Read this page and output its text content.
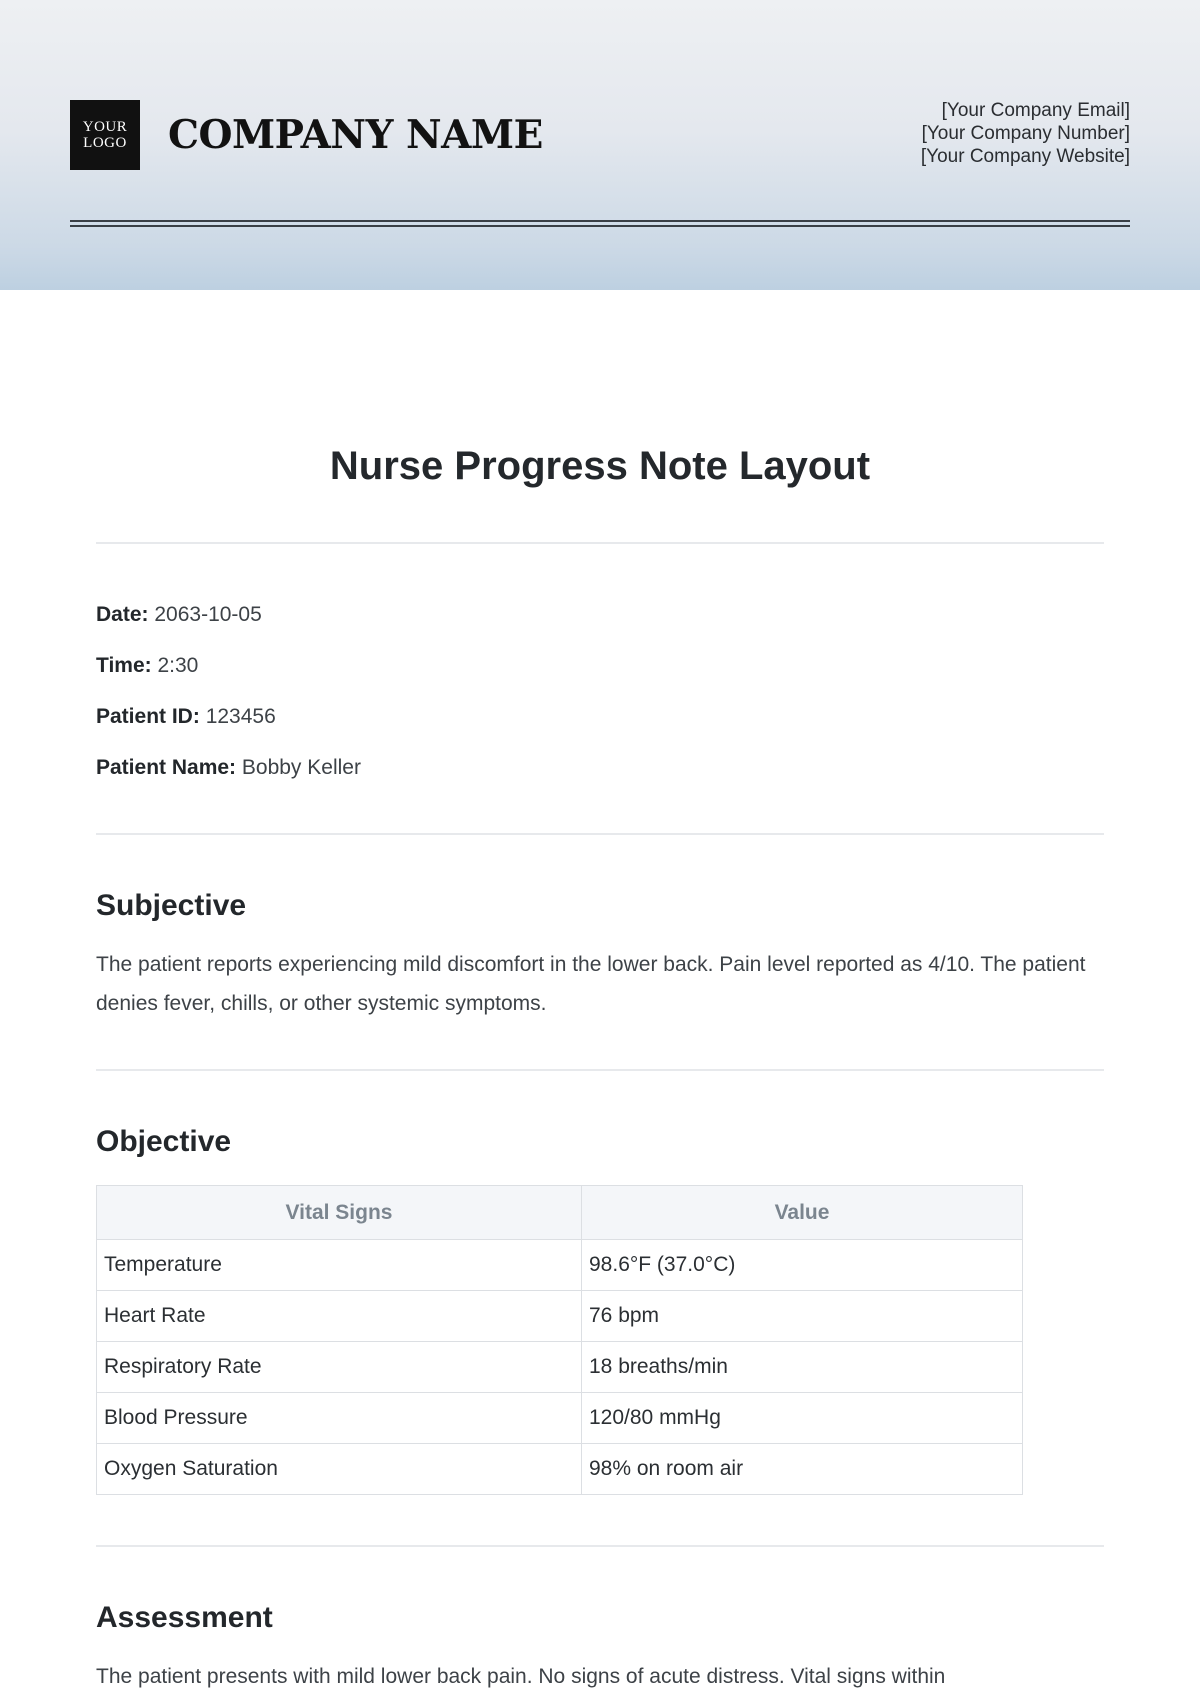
YOUR
LOGO	COMPANY NAME
[Your Company Email]
[Your Company Number]
[Your Company Website]
Nurse Progress Note Layout
Date: 2063-10-05
Time: 2:30
Patient ID: 123456
Patient Name: Bobby Keller
Subjective
The patient reports experiencing mild discomfort in the lower back. Pain level reported as 4/10. The patient denies fever, chills, or other systemic symptoms.
Objective
Vital Signs	Value
Temperature	98.6°F (37.0°C)
Heart Rate	76 bpm
Respiratory Rate	18 breaths/min
Blood Pressure	120/80 mmHg
Oxygen Saturation	98% on room air
Assessment
The patient presents with mild lower back pain. No signs of acute distress. Vital signs within
